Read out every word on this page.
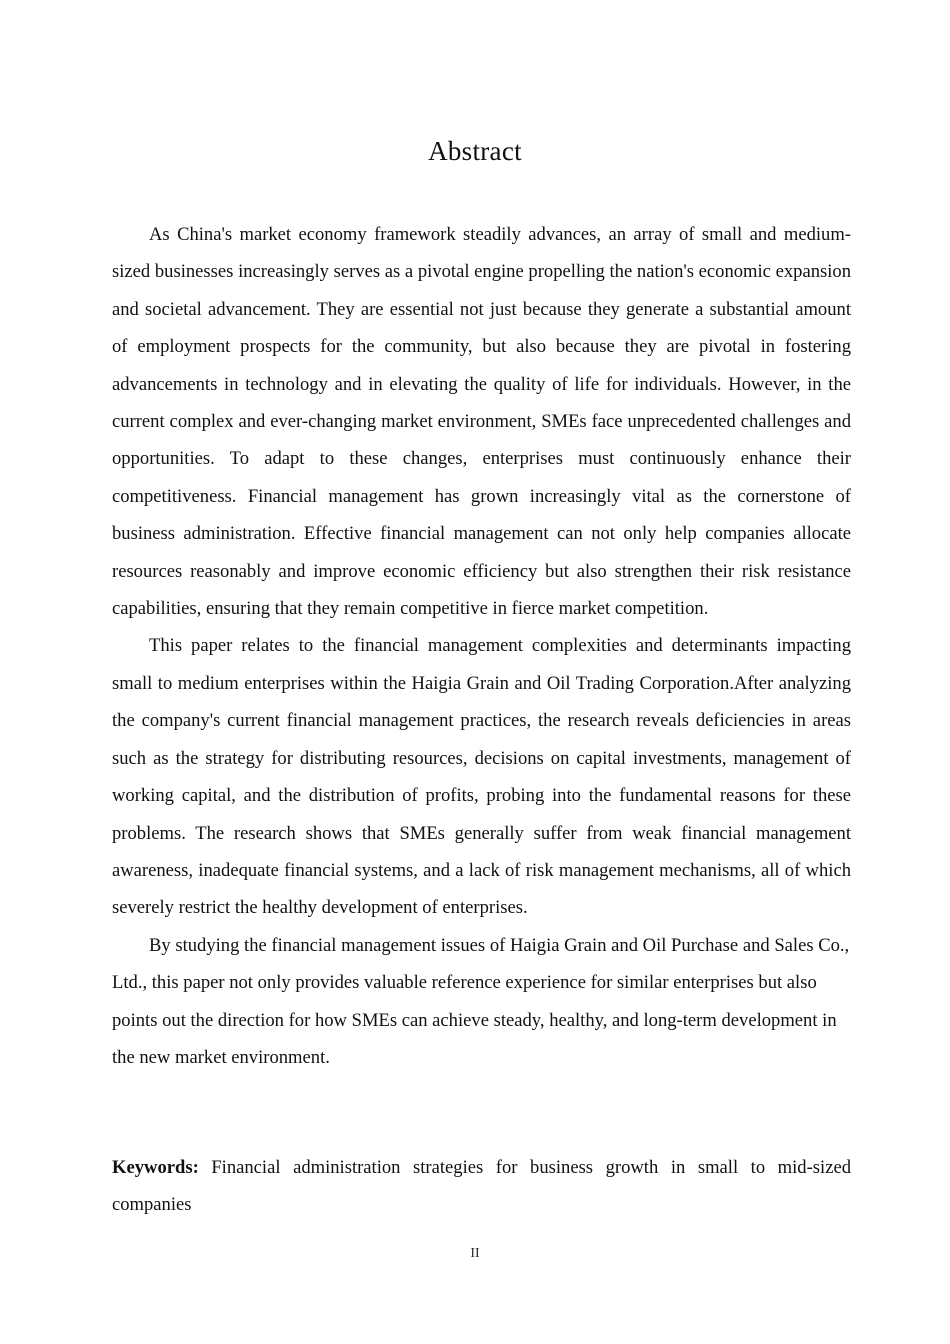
Abstract

As China's market economy framework steadily advances, an array of small and medium-sized businesses increasingly serves as a pivotal engine propelling the nation's economic expansion and societal advancement. They are essential not just because they generate a substantial amount of employment prospects for the community, but also because they are pivotal in fostering advancements in technology and in elevating the quality of life for individuals. However, in the current complex and ever-changing market environment, SMEs face unprecedented challenges and opportunities. To adapt to these changes, enterprises must continuously enhance their competitiveness. Financial management has grown increasingly vital as the cornerstone of business administration. Effective financial management can not only help companies allocate resources reasonably and improve economic efficiency but also strengthen their risk resistance capabilities, ensuring that they remain competitive in fierce market competition.

This paper relates to the financial management complexities and determinants impacting small to medium enterprises within the Haigia Grain and Oil Trading Corporation.After analyzing the company's current financial management practices, the research reveals deficiencies in areas such as the strategy for distributing resources, decisions on capital investments, management of working capital, and the distribution of profits, probing into the fundamental reasons for these problems. The research shows that SMEs generally suffer from weak financial management awareness, inadequate financial systems, and a lack of risk management mechanisms, all of which severely restrict the healthy development of enterprises.

By studying the financial management issues of Haigia Grain and Oil Purchase and Sales Co., Ltd., this paper not only provides valuable reference experience for similar enterprises but also points out the direction for how SMEs can achieve steady, healthy, and long-term development in the new market environment.

Keywords: Financial administration strategies for business growth in small to mid-sized companies

II
